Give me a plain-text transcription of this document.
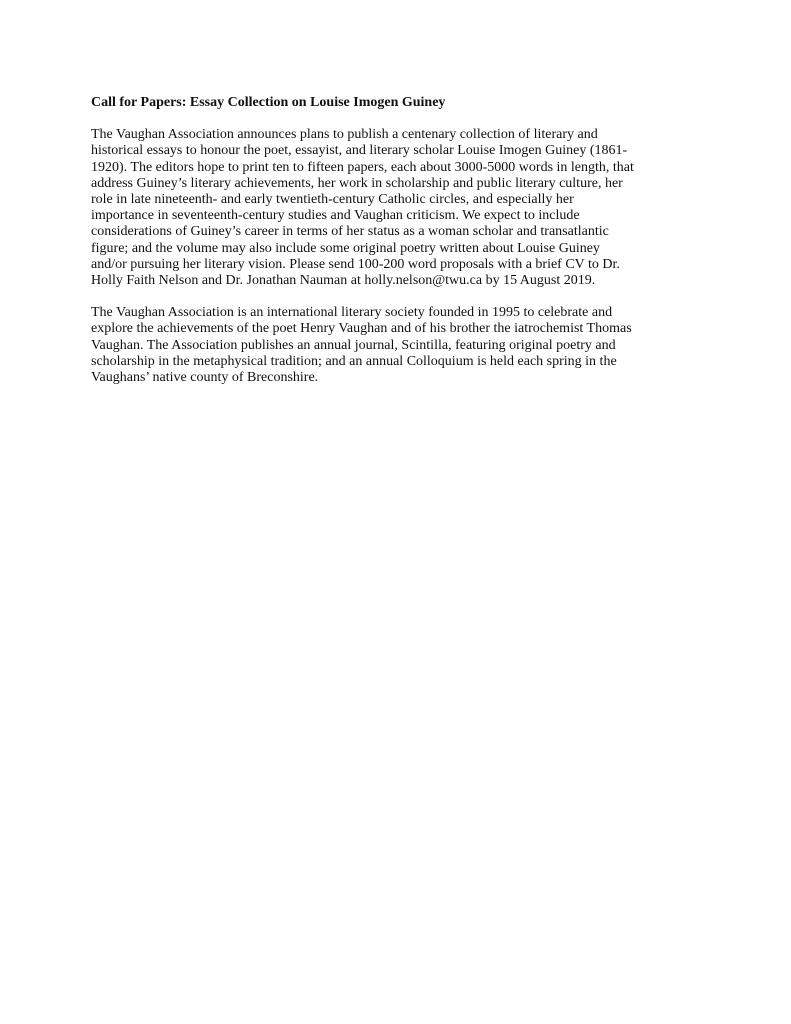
Call for Papers: Essay Collection on Louise Imogen Guiney
The Vaughan Association announces plans to publish a centenary collection of literary and
historical essays to honour the poet, essayist, and literary scholar Louise Imogen Guiney (1861-
1920). The editors hope to print ten to fifteen papers, each about 3000-5000 words in length, that
address Guiney’s literary achievements, her work in scholarship and public literary culture, her
role in late nineteenth- and early twentieth-century Catholic circles, and especially her
importance in seventeenth-century studies and Vaughan criticism. We expect to include
considerations of Guiney’s career in terms of her status as a woman scholar and transatlantic
figure; and the volume may also include some original poetry written about Louise Guiney
and/or pursuing her literary vision. Please send 100-200 word proposals with a brief CV to Dr.
Holly Faith Nelson and Dr. Jonathan Nauman at holly.nelson@twu.ca by 15 August 2019.
The Vaughan Association is an international literary society founded in 1995 to celebrate and
explore the achievements of the poet Henry Vaughan and of his brother the iatrochemist Thomas
Vaughan. The Association publishes an annual journal, Scintilla, featuring original poetry and
scholarship in the metaphysical tradition; and an annual Colloquium is held each spring in the
Vaughans’ native county of Breconshire.
